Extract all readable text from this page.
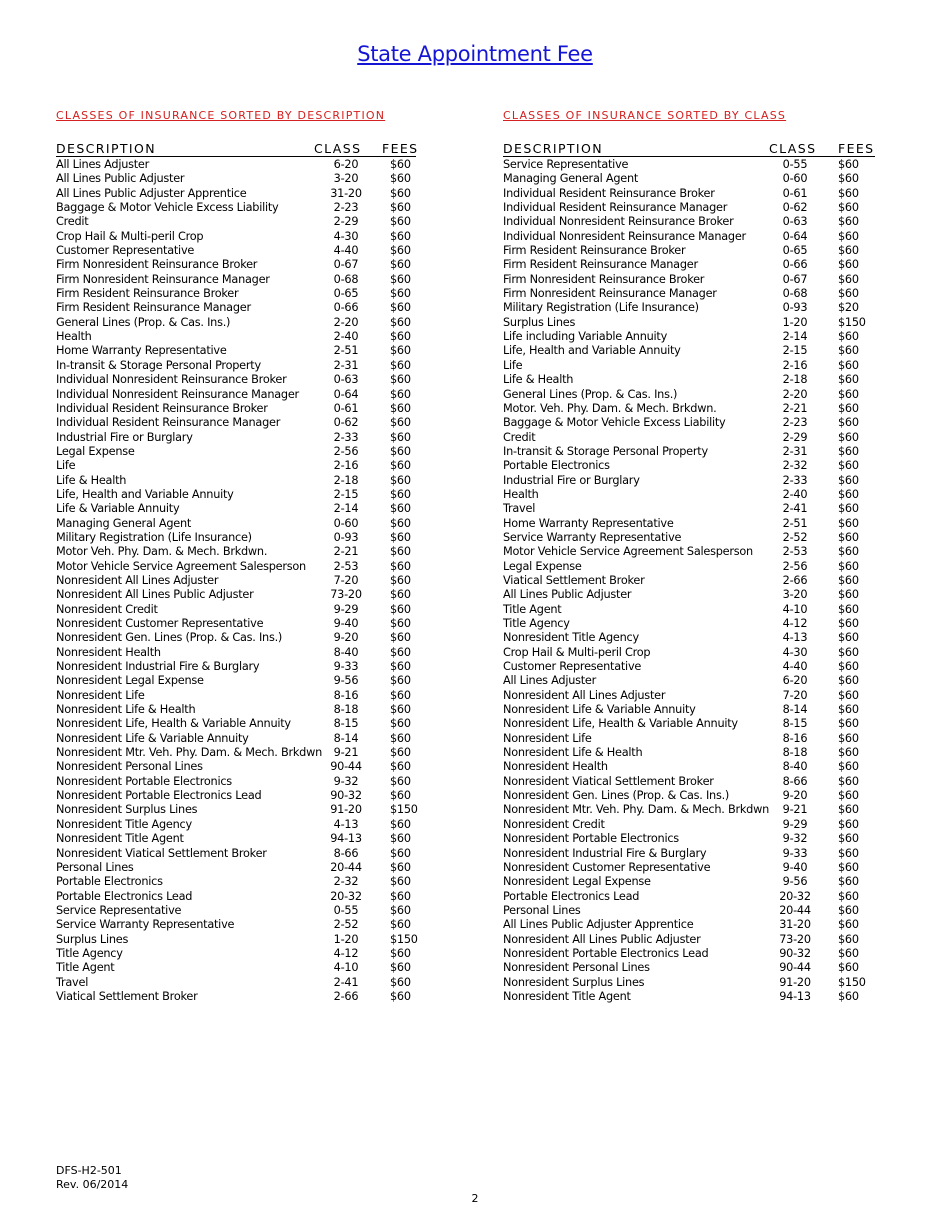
State Appointment Fee
CLASSES OF INSURANCE SORTED BY DESCRIPTION	CLASSES OF INSURANCE SORTED BY CLASS
DESCRIPTION	CLASS FEES
All Lines Adjuster	6-20	$60
All Lines Public Adjuster	3-20	$60
All Lines Public Adjuster Apprentice	31-20	$60
Baggage & Motor Vehicle Excess Liability	2-23	$60
Credit	2-29	$60
Crop Hail & Multi-peril Crop	4-30	$60
Customer Representative	4-40	$60
Firm Nonresident Reinsurance Broker	0-67	$60
Firm Nonresident Reinsurance Manager	0-68	$60
Firm Resident Reinsurance Broker	0-65	$60
Firm Resident Reinsurance Manager	0-66	$60
General Lines (Prop. & Cas. Ins.)	2-20	$60
Health	2-40	$60
Home Warranty Representative	2-51	$60
In-transit & Storage Personal Property	2-31	$60
Individual Nonresident Reinsurance Broker	0-63	$60
Individual Nonresident Reinsurance Manager	0-64	$60
Individual Resident Reinsurance Broker	0-61	$60
Individual Resident Reinsurance Manager	0-62	$60
Industrial Fire or Burglary	2-33	$60
Legal Expense	2-56	$60
Life	2-16	$60
Life & Health	2-18	$60
Life, Health and Variable Annuity	2-15	$60
Life & Variable Annuity	2-14	$60
Managing General Agent	0-60	$60
Military Registration (Life Insurance)	0-93	$60
Motor Veh. Phy. Dam. & Mech. Brkdwn.	2-21	$60
Motor Vehicle Service Agreement Salesperson	2-53	$60
Nonresident All Lines Adjuster	7-20	$60
Nonresident All Lines Public Adjuster	73-20	$60
Nonresident Credit	9-29	$60
Nonresident Customer Representative	9-40	$60
Nonresident Gen. Lines (Prop. & Cas. Ins.)	9-20	$60
Nonresident Health	8-40	$60
Nonresident Industrial Fire & Burglary	9-33	$60
Nonresident Legal Expense	9-56	$60
Nonresident Life	8-16	$60
Nonresident Life & Health	8-18	$60
Nonresident Life, Health & Variable Annuity	8-15	$60
Nonresident Life & Variable Annuity	8-14	$60
Nonresident Mtr. Veh. Phy. Dam. & Mech. Brkdwn	9-21	$60
Nonresident Personal Lines	90-44	$60
Nonresident Portable Electronics	9-32	$60
Nonresident Portable Electronics Lead	90-32	$60
Nonresident Surplus Lines	91-20	$150
Nonresident Title Agency	4-13	$60
Nonresident Title Agent	94-13	$60
Nonresident Viatical Settlement Broker	8-66	$60
Personal Lines	20-44	$60
Portable Electronics	2-32	$60
Portable Electronics Lead	20-32	$60
Service Representative	0-55	$60
Service Warranty Representative	2-52	$60
Surplus Lines	1-20	$150
Title Agency	4-12	$60
Title Agent	4-10	$60
Travel	2-41	$60
Viatical Settlement Broker	2-66	$60
DESCRIPTION	CLASS FEES
Service Representative	0-55	$60
Managing General Agent	0-60	$60
Individual Resident Reinsurance Broker	0-61	$60
Individual Resident Reinsurance Manager	0-62	$60
Individual Nonresident Reinsurance Broker	0-63	$60
Individual Nonresident Reinsurance Manager	0-64	$60
Firm Resident Reinsurance Broker	0-65	$60
Firm Resident Reinsurance Manager	0-66	$60
Firm Nonresident Reinsurance Broker	0-67	$60
Firm Nonresident Reinsurance Manager	0-68	$60
Military Registration (Life Insurance)	0-93	$20
Surplus Lines	1-20	$150
Life including Variable Annuity	2-14	$60
Life, Health and Variable Annuity	2-15	$60
Life	2-16	$60
Life & Health	2-18	$60
General Lines (Prop. & Cas. Ins.)	2-20	$60
Motor. Veh. Phy. Dam. & Mech. Brkdwn.	2-21	$60
Baggage & Motor Vehicle Excess Liability	2-23	$60
Credit	2-29	$60
In-transit & Storage Personal Property	2-31	$60
Portable Electronics	2-32	$60
Industrial Fire or Burglary	2-33	$60
Health	2-40	$60
Travel	2-41	$60
Home Warranty Representative	2-51	$60
Service Warranty Representative	2-52	$60
Motor Vehicle Service Agreement Salesperson	2-53	$60
Legal Expense	2-56	$60
Viatical Settlement Broker	2-66	$60
All Lines Public Adjuster	3-20	$60
Title Agent	4-10	$60
Title Agency	4-12	$60
Nonresident Title Agency	4-13	$60
Crop Hail & Multi-peril Crop	4-30	$60
Customer Representative	4-40	$60
All Lines Adjuster	6-20	$60
Nonresident All Lines Adjuster	7-20	$60
Nonresident Life & Variable Annuity	8-14	$60
Nonresident Life, Health & Variable Annuity	8-15	$60
Nonresident Life	8-16	$60
Nonresident Life & Health	8-18	$60
Nonresident Health	8-40	$60
Nonresident Viatical Settlement Broker	8-66	$60
Nonresident Gen. Lines (Prop. & Cas. Ins.)	9-20	$60
Nonresident Mtr. Veh. Phy. Dam. & Mech. Brkdwn	9-21	$60
Nonresident Credit	9-29	$60
Nonresident Portable Electronics	9-32	$60
Nonresident Industrial Fire & Burglary	9-33	$60
Nonresident Customer Representative	9-40	$60
Nonresident Legal Expense	9-56	$60
Portable Electronics Lead	20-32	$60
Personal Lines	20-44	$60
All Lines Public Adjuster Apprentice	31-20	$60
Nonresident All Lines Public Adjuster	73-20	$60
Nonresident Portable Electronics Lead	90-32	$60
Nonresident Personal Lines	90-44	$60
Nonresident Surplus Lines	91-20	$150
Nonresident Title Agent	94-13	$60
DFS-H2-501
Rev. 06/2014
2
